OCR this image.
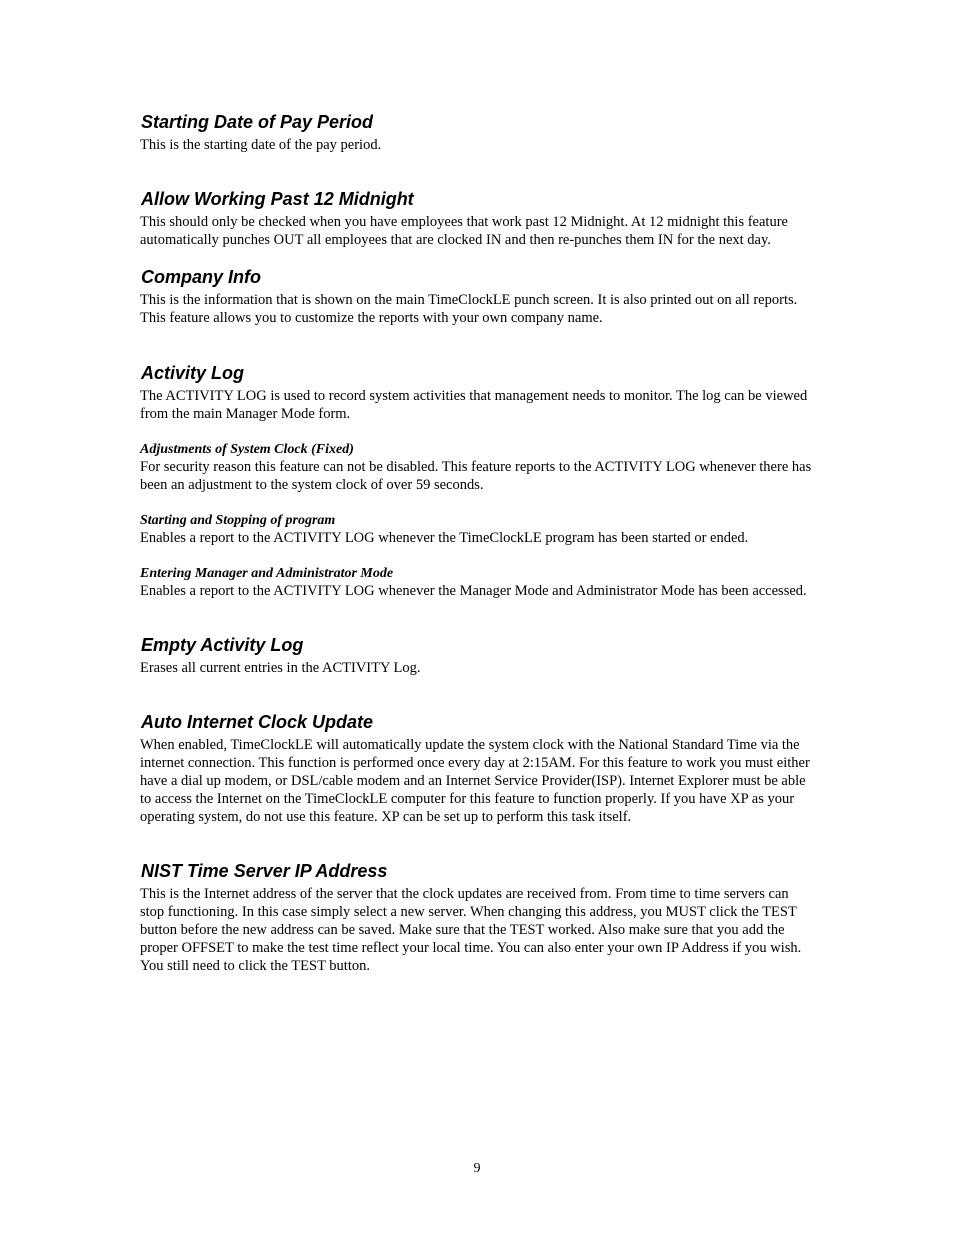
Starting Date of Pay Period

This is the starting date of the pay period.

Allow Working Past 12 Midnight

This should only be checked when you have employees that work past 12 Midnight. At 12 midnight this feature automatically punches OUT all employees that are clocked IN and then re-punches them IN for the next day.

Company Info

This is the information that is shown on the main TimeClockLE punch screen. It is also printed out on all reports. This feature allows you to customize the reports with your own company name.

Activity Log

The ACTIVITY LOG is used to record system activities that management needs to monitor. The log can be viewed from the main Manager Mode form.

Adjustments of System Clock (Fixed)

For security reason this feature can not be disabled. This feature reports to the ACTIVITY LOG whenever there has been an adjustment to the system clock of over 59 seconds.

Starting and Stopping of program

Enables a report to the ACTIVITY LOG whenever the TimeClockLE program has been started or ended.

Entering Manager and Administrator Mode

Enables a report to the ACTIVITY LOG whenever the Manager Mode and Administrator Mode has been accessed.

Empty Activity Log

Erases all current entries in the ACTIVITY Log.

Auto Internet Clock Update

When enabled, TimeClockLE will automatically update the system clock with the National Standard Time via the internet connection. This function is performed once every day at 2:15AM. For this feature to work you must either have a dial up modem, or DSL/cable modem and an Internet Service Provider(ISP). Internet Explorer must be able to access the Internet on the TimeClockLE computer for this feature to function properly. If you have XP as your operating system, do not use this feature. XP can be set up to perform this task itself.

NIST Time Server IP Address

This is the Internet address of the server that the clock updates are received from. From time to time servers can stop functioning. In this case simply select a new server. When changing this address, you MUST click the TEST button before the new address can be saved. Make sure that the TEST worked. Also make sure that you add the proper OFFSET to make the test time reflect your local time. You can also enter your own IP Address if you wish. You still need to click the TEST button.

9
